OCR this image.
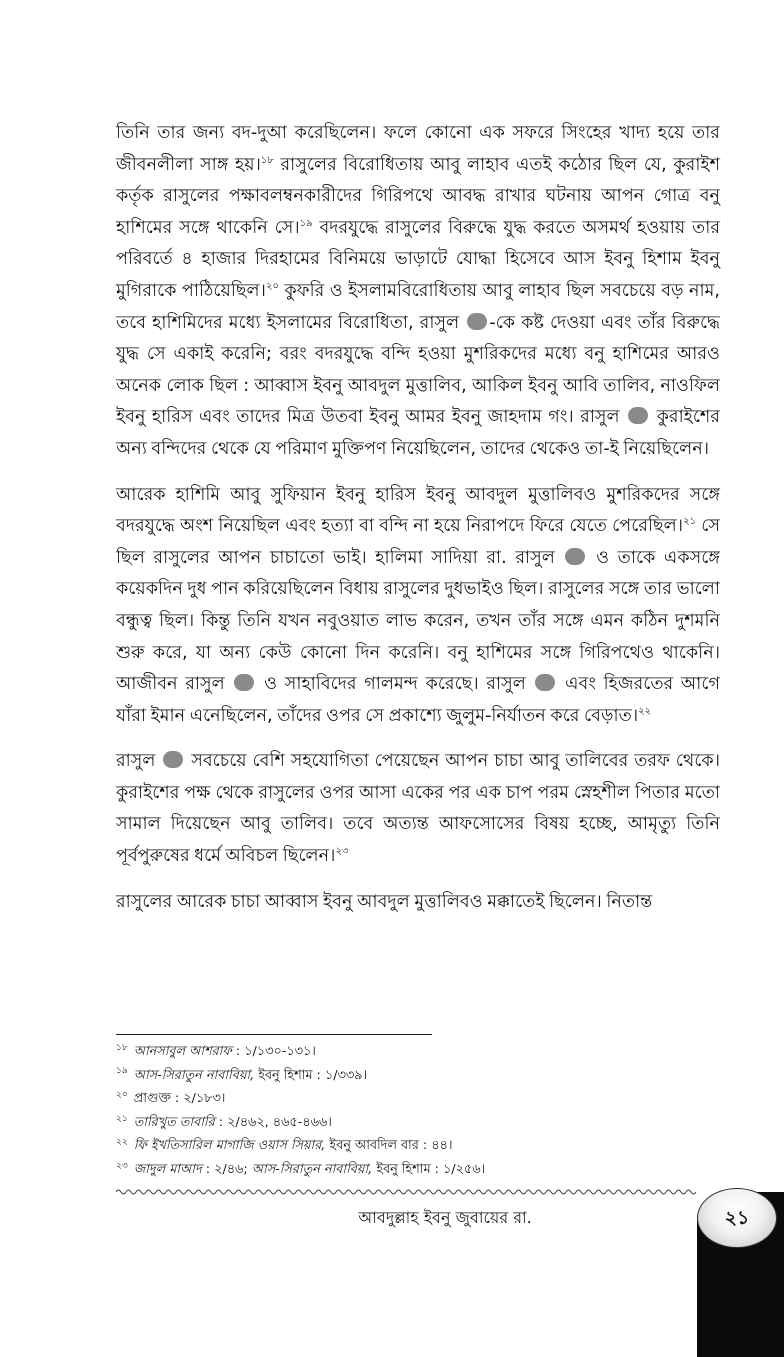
তিনি তার জন্য বদ-দুআ করেছিলেন। ফলে কোনো এক সফরে সিংহের খাদ্য হয়ে তার জীবনলীলা সাঙ্গ হয়।$^{১৮}$ রাসুলের বিরোধিতায় আবু লাহাব এতই কঠোর ছিল যে, কুরাইশ কর্তৃক রাসুলের পক্ষাবলম্বনকারীদের গিরিপথে আবদ্ধ রাখার ঘটনায় আপন গোত্র বনু হাশিমের সঙ্গে থাকেনি সে।$^{১৯}$ বদরযুদ্ধে রাসুলের বিরুদ্ধে যুদ্ধ করতে অসমর্থ হওয়ায় তার পরিবর্তে ৪ হাজার দিরহামের বিনিময়ে ভাড়াটে যোদ্ধা হিসেবে আস ইবনু হিশাম ইবনু মুগিরাকে পাঠিয়েছিল।$^{২০}$ কুফরি ও ইসলামবিরোধিতায় আবু লাহাব ছিল সবচেয়ে বড় নাম, তবে হাশিমিদের মধ্যে ইসলামের বিরোধিতা, রাসুল -কে কষ্ট দেওয়া এবং তাঁর বিরুদ্ধে যুদ্ধ সে একাই করেনি; বরং বদরযুদ্ধে বন্দি হওয়া মুশরিকদের মধ্যে বনু হাশিমের আরও অনেক লোক ছিল : আব্বাস ইবনু আবদুল মুত্তালিব, আকিল ইবনু আবি তালিব, নাওফিল ইবনু হারিস এবং তাদের মিত্র উতবা ইবনু আমর ইবনু জাহদাম গং। রাসুল  কুরাইশের অন্য বন্দিদের থেকে যে পরিমাণ মুক্তিপণ নিয়েছিলেন, তাদের থেকেও তা-ই নিয়েছিলেন।

আরেক হাশিমি আবু সুফিয়ান ইবনু হারিস ইবনু আবদুল মুত্তালিবও মুশরিকদের সঙ্গে বদরযুদ্ধে অংশ নিয়েছিল এবং হত্যা বা বন্দি না হয়ে নিরাপদে ফিরে যেতে পেরেছিল।$^{২১}$ সে ছিল রাসুলের আপন চাচাতো ভাই। হালিমা সাদিয়া রা. রাসুল  ও তাকে একসঙ্গে কয়েকদিন দুধ পান করিয়েছিলেন বিধায় রাসুলের দুধভাইও ছিল। রাসুলের সঙ্গে তার ভালো বন্ধুত্ব ছিল। কিন্তু তিনি যখন নবুওয়াত লাভ করেন, তখন তাঁর সঙ্গে এমন কঠিন দুশমনি শুরু করে, যা অন্য কেউ কোনো দিন করেনি। বনু হাশিমের সঙ্গে গিরিপথেও থাকেনি। আজীবন রাসুল  ও সাহাবিদের গালমন্দ করেছে। রাসুল  এবং হিজরতের আগে যাঁরা ইমান এনেছিলেন, তাঁদের ওপর সে প্রকাশ্যে জুলুম-নির্যাতন করে বেড়াত।$^{২২}$

রাসুল  সবচেয়ে বেশি সহযোগিতা পেয়েছেন আপন চাচা আবু তালিবের তরফ থেকে। কুরাইশের পক্ষ থেকে রাসুলের ওপর আসা একের পর এক চাপ পরম স্নেহশীল পিতার মতো সামাল দিয়েছেন আবু তালিব। তবে অত্যন্ত আফসোসের বিষয় হচ্ছে, আমৃত্যু তিনি পূর্বপুরুষের ধর্মে অবিচল ছিলেন।$^{২৩}$

রাসুলের আরেক চাচা আব্বাস ইবনু আবদুল মুত্তালিবও মক্কাতেই ছিলেন। নিতান্ত

$^{১৮}$ আনসাবুল আশরাফ : ১/১৩০-১৩১।
$^{১৯}$ আস-সিরাতুন নাবাবিয়া, ইবনু হিশাম : ১/৩৩৯।
$^{২০}$ প্রাগুক্ত : ২/১৮৩।
$^{২১}$ তারিখুত তাবারি : ২/৪৬২, ৪৬৫-৪৬৬।
$^{২২}$ ফি ইখতিসারিল মাগাজি ওয়াস সিয়ার, ইবনু আবদিল বার : ৪৪।
$^{২৩}$ জাদুল মাআদ : ২/৪৬; আস-সিরাতুন নাবাবিয়া, ইবনু হিশাম : ১/২৫৬।
আবদুল্লাহ ইবনু জুবায়ের রা.	২১
